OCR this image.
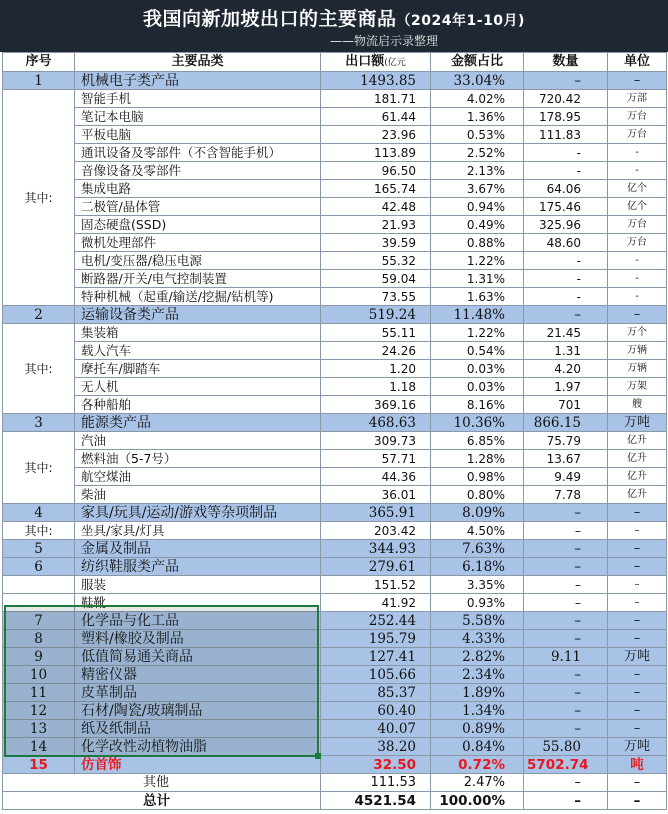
我国向新加坡出口的主要商品（2024年1-10月)
——物流启示录整理
序号	主要品类	出口额(亿元	金额占比	数量	单位
1	机械电子类产品	1493.85	33.04%	–	–
其中:	智能手机	181.71	4.02%	720.42	万部
	笔记本电脑	61.44	1.36%	178.95	万台
	平板电脑	23.96	0.53%	111.83	万台
	通讯设备及零部件（不含智能手机）	113.89	2.52%	-	-
	音像设备及零部件	96.50	2.13%	-	-
	集成电路	165.74	3.67%	64.06	亿个
	二极管/晶体管	42.48	0.94%	175.46	亿个
	固态硬盘(SSD)	21.93	0.49%	325.96	万台
	微机处理部件	39.59	0.88%	48.60	万台
	电机/变压器/稳压电源	55.32	1.22%	-	-
	断路器/开关/电气控制装置	59.04	1.31%	-	-
	特种机械（起重/输送/挖掘/钻机等)	73.55	1.63%	-	-
2	运输设备类产品	519.24	11.48%	–	–
其中:	集装箱	55.11	1.22%	21.45	万个
	载人汽车	24.26	0.54%	1.31	万辆
	摩托车/脚踏车	1.20	0.03%	4.20	万辆
	无人机	1.18	0.03%	1.97	万架
	各种船舶	369.16	8.16%	701	艘
3	能源类产品	468.63	10.36%	866.15	万吨
其中:	汽油	309.73	6.85%	75.79	亿升
	燃料油（5-7号）	57.71	1.28%	13.67	亿升
	航空煤油	44.36	0.98%	9.49	亿升
	柴油	36.01	0.80%	7.78	亿升
4	家具/玩具/运动/游戏等杂项制品	365.91	8.09%	–	–
其中:	坐具/家具/灯具	203.42	4.50%	–	–
5	金属及制品	344.93	7.63%	–	–
6	纺织鞋服类产品	279.61	6.18%	–	–
	服装	151.52	3.35%	–	–
	鞋靴	41.92	0.93%	–	–
7	化学品与化工品	252.44	5.58%	–	–
8	塑料/橡胶及制品	195.79	4.33%	–	–
9	低值简易通关商品	127.41	2.82%	9.11	万吨
10	精密仪器	105.66	2.34%	–	–
11	皮革制品	85.37	1.89%	–	–
12	石材/陶瓷/玻璃制品	60.40	1.34%	–	–
13	纸及纸制品	40.07	0.89%	–	–
14	化学改性动植物油脂	38.20	0.84%	55.80	万吨
15	仿首饰	32.50	0.72%	5702.74	吨
其他		111.53	2.47%	–	–
总计		4521.54	100.00%	–	–
